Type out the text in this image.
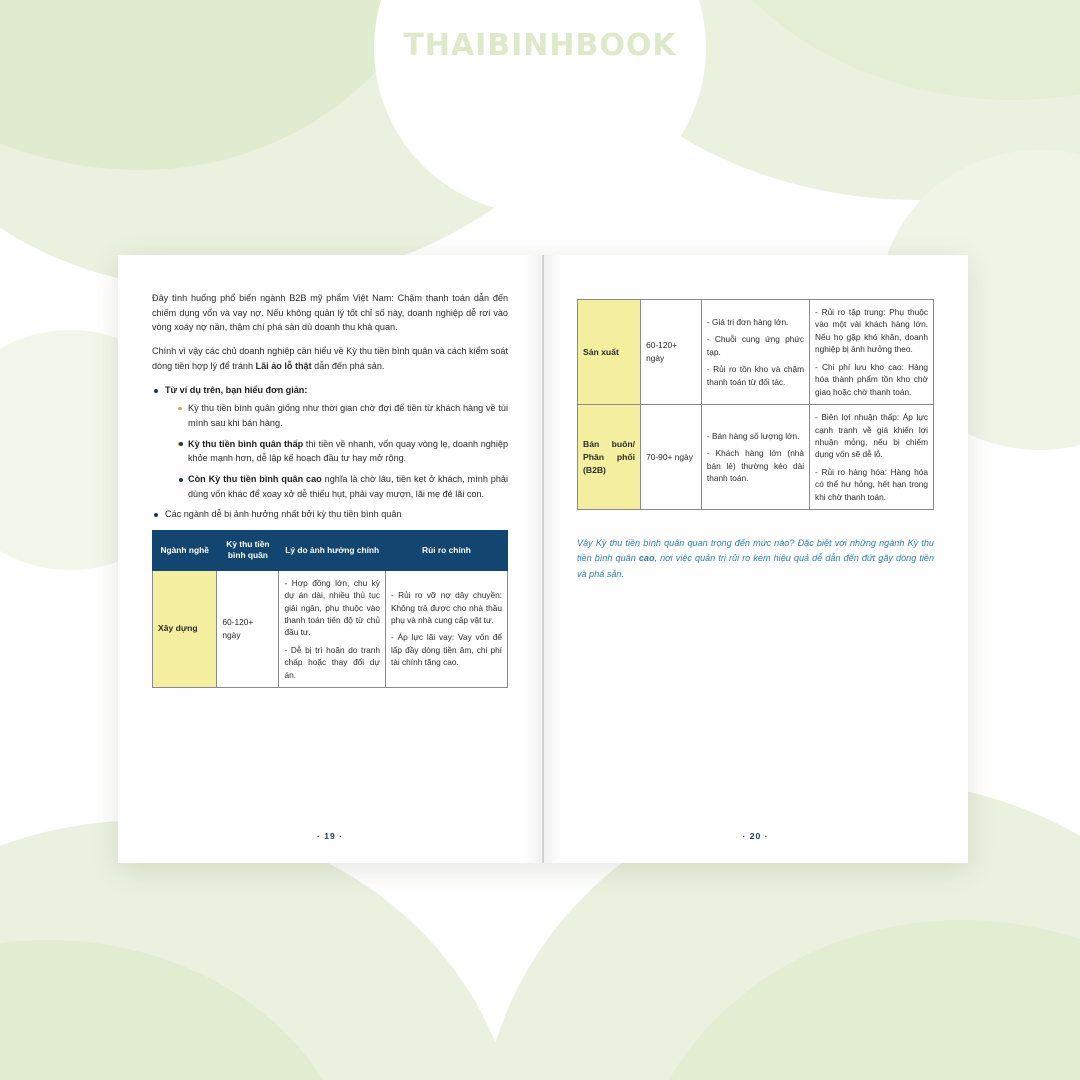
THAIBINHBOOK

Đây tình huống phổ biến ngành B2B mỹ phẩm Việt Nam: Chậm thanh toán dẫn đến chiếm dụng vốn và vay nợ. Nếu không quản lý tốt chỉ số này, doanh nghiệp dễ rơi vào vòng xoáy nợ nần, thậm chí phá sản dù doanh thu khả quan.

Chính vì vậy các chủ doanh nghiệp cần hiểu về Kỳ thu tiền bình quân và cách kiểm soát dòng tiền hợp lý để tránh Lãi ảo lỗ thật dẫn đến phá sản.

Từ ví dụ trên, bạn hiểu đơn giản:
Kỳ thu tiền bình quân giống như thời gian chờ đợi để tiền từ khách hàng về túi mình sau khi bán hàng.
Kỳ thu tiền bình quân thấp thì tiền về nhanh, vốn quay vòng lẹ, doanh nghiệp khỏe mạnh hơn, dễ lập kế hoạch đầu tư hay mở rộng.
Còn Kỳ thu tiền bình quân cao nghĩa là chờ lâu, tiền kẹt ở khách, mình phải dùng vốn khác để xoay xở dễ thiếu hụt, phải vay mượn, lãi mẹ đẻ lãi con.
Các ngành dễ bị ảnh hưởng nhất bởi kỳ thu tiền bình quân
Ngành nghề	Kỳ thu tiền bình quân	Lý do ảnh hưởng chính	Rủi ro chính
Xây dựng	60-120+ ngày	- Hợp đồng lớn, chu kỳ dự án dài, nhiều thủ tục giải ngân, phụ thuộc vào thanh toán tiến độ từ chủ đầu tư.
- Dễ bị trì hoãn do tranh chấp hoặc thay đổi dự án.	- Rủi ro vỡ nợ dây chuyền: Không trả được cho nhà thầu phụ và nhà cung cấp vật tư.
- Áp lực lãi vay: Vay vốn để lấp đầy dòng tiền âm, chi phí tài chính tăng cao.
· 19 ·
Sản xuất	60-120+ ngày	- Giá trị đơn hàng lớn.
- Chuỗi cung ứng phức tạp.
- Rủi ro tồn kho và chậm thanh toán từ đối tác.	- Rủi ro tập trung: Phụ thuộc vào một vài khách hàng lớn. Nếu họ gặp khó khăn, doanh nghiệp bị ảnh hưởng theo.
- Chi phí lưu kho cao: Hàng hóa thành phẩm tồn kho chờ giao hoặc chờ thanh toán.

Bán buôn/ Phân phối (B2B)	70-90+ ngày	- Bán hàng số lượng lớn.
- Khách hàng lớn (nhà bán lẻ) thường kéo dài thanh toán.	- Biên lợi nhuận thấp: Áp lực cạnh tranh về giá khiến lợi nhuận mỏng, nếu bị chiếm dụng vốn sẽ dễ lỗ.
- Rủi ro hàng hóa: Hàng hóa có thể hư hỏng, hết hạn trong khi chờ thanh toán.

Vậy Kỳ thu tiền bình quân quan trọng đến mức nào? Đặc biệt với những ngành Kỳ thu tiền bình quân cao, nơi việc quản trị rủi ro kém hiệu quả dễ dẫn đến đứt gãy dòng tiền và phá sản.

· 20 ·
